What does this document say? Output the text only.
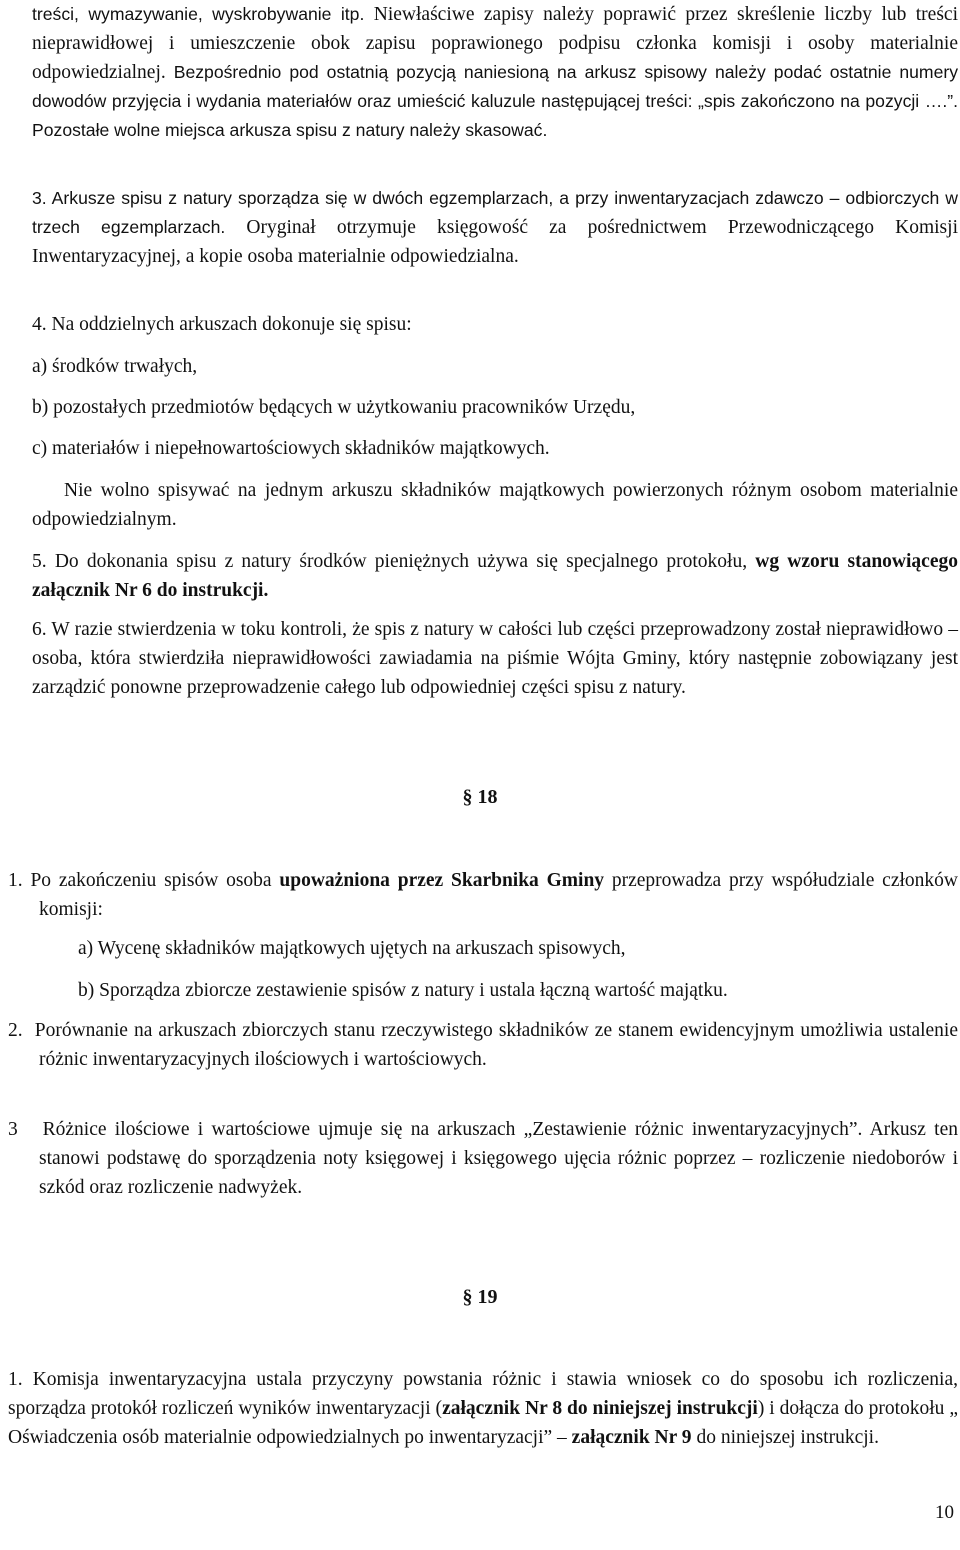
treści, wymazywanie, wyskrobywanie itp. Niewłaściwe zapisy należy poprawić przez skreślenie liczby lub treści nieprawidłowej i umieszczenie obok zapisu poprawionego podpisu członka komisji i osoby materialnie odpowiedzialnej. Bezpośrednio pod ostatnią pozycją naniesioną na arkusz spisowy należy podać ostatnie numery dowodów przyjęcia i wydania materiałów oraz umieścić kaluzule następującej treści: „spis zakończono na pozycji ….”. Pozostałe wolne miejsca arkusza spisu z natury należy skasować.
3. Arkusze spisu z natury sporządza się w dwóch egzemplarzach, a przy inwentaryzacjach zdawczo – odbiorczych w trzech egzemplarzach. Oryginał otrzymuje księgowość za pośrednictwem Przewodniczącego Komisji Inwentaryzacyjnej, a kopie osoba materialnie odpowiedzialna.
4. Na oddzielnych arkuszach dokonuje się spisu:
a) środków trwałych,
b) pozostałych przedmiotów będących w użytkowaniu pracowników Urzędu,
c) materiałów i niepełnowartościowych składników majątkowych.
Nie wolno spisywać na jednym arkuszu składników majątkowych powierzonych różnym osobom materialnie odpowiedzialnym.
5. Do dokonania spisu z natury środków pieniężnych używa się specjalnego protokołu, wg wzoru stanowiącego załącznik Nr 6 do instrukcji.
6. W razie stwierdzenia w toku kontroli, że spis z natury w całości lub części przeprowadzony został nieprawidłowo – osoba, która stwierdziła nieprawidłowości zawiadamia na piśmie Wójta Gminy, który następnie zobowiązany jest zarządzić ponowne przeprowadzenie całego lub odpowiedniej części spisu z natury.
§ 18
1. Po zakończeniu spisów osoba upoważniona przez Skarbnika Gminy przeprowadza przy współudziale członków komisji:
a) Wycenę składników majątkowych ujętych na arkuszach spisowych,
b) Sporządza zbiorcze zestawienie spisów z natury i ustala łączną wartość majątku.
2. Porównanie na arkuszach zbiorczych stanu rzeczywistego składników ze stanem ewidencyjnym umożliwia ustalenie różnic inwentaryzacyjnych ilościowych i wartościowych.
3 Różnice ilościowe i wartościowe ujmuje się na arkuszach „Zestawienie różnic inwentaryzacyjnych”. Arkusz ten stanowi podstawę do sporządzenia noty księgowej i księgowego ujęcia różnic poprzez – rozliczenie niedoborów i szkód oraz rozliczenie nadwyżek.
§ 19
1. Komisja inwentaryzacyjna ustala przyczyny powstania różnic i stawia wniosek co do sposobu ich rozliczenia, sporządza protokół rozliczeń wyników inwentaryzacji (załącznik Nr 8 do niniejszej instrukcji) i dołącza do protokołu „ Oświadczenia osób materialnie odpowiedzialnych po inwentaryzacji” – załącznik Nr 9 do niniejszej instrukcji.
10
